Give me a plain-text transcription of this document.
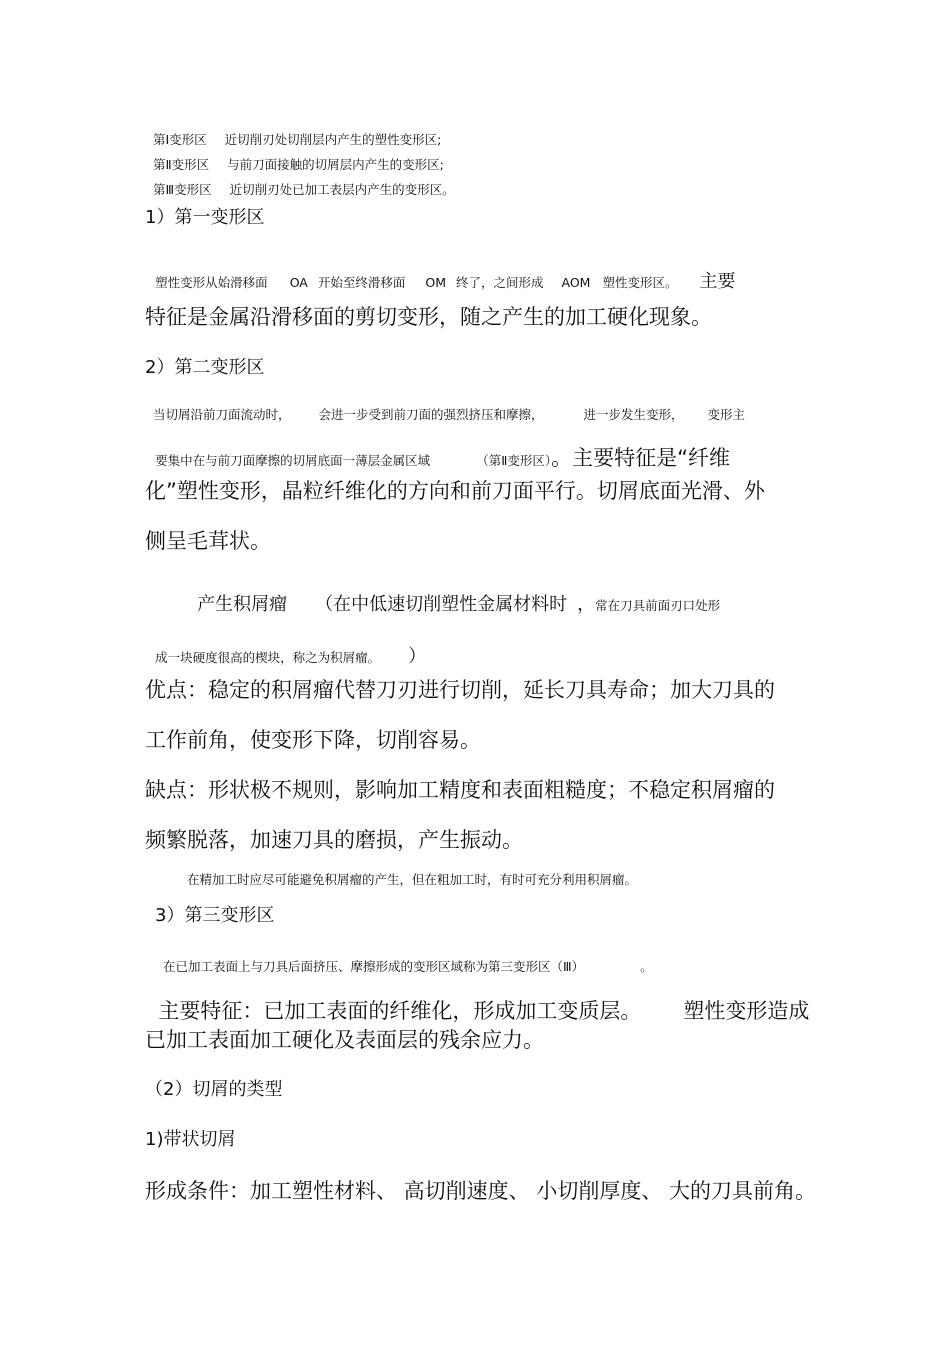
第Ⅰ变形区 近切削刃处切削层内产生的塑性变形区;

第Ⅱ变形区 与前刀面接触的切屑层内产生的变形区;

第Ⅲ变形区 近切削刃处已加工表层内产生的变形区。

1）第一变形区

塑性变形从始滑移面 OA 开始至终滑移面 OM 终了，之间形成 AOM 塑性变形区。 主要

特征是金属沿滑移面的剪切变形，随之产生的加工硬化现象。
2）第二变形区

当切屑沿前刀面流动时， 会进一步受到前刀面的强烈挤压和摩擦，	进一步发生变形， 变形主

要集中在与前刀面摩擦的切屑底面一薄层金属区域	（第Ⅱ变形区）。主要特征是“纤维

化”塑性变形，晶粒纤维化的方向和前刀面平行。切屑底面光滑、外
侧呈毛茸状。

产生积屑瘤 （在中低速切削塑性金属材料时 ，常在刀具前面刃口处形

成一块硬度很高的楔块，称之为积屑瘤。 ）

优点：稳定的积屑瘤代替刀刃进行切削，延长刀具寿命；加大刀具的
工作前角，使变形下降，切削容易。
缺点：形状极不规则，影响加工精度和表面粗糙度；不稳定积屑瘤的
频繁脱落，加速刀具的磨损，产生振动。
在精加工时应尽可能避免积屑瘤的产生，但在粗加工时，有时可充分利用积屑瘤。
3）第三变形区

在已加工表面上与刀具后面挤压、摩擦形成的变形区域称为第三变形区（Ⅲ）	。

主要特征：已加工表面的纤维化，形成加工变质层。 塑性变形造成

已加工表面加工硬化及表面层的残余应力。
（2）切屑的类型
1)带状切屑
形成条件：加工塑性材料、 高切削速度、 小切削厚度、 大的刀具前角。
